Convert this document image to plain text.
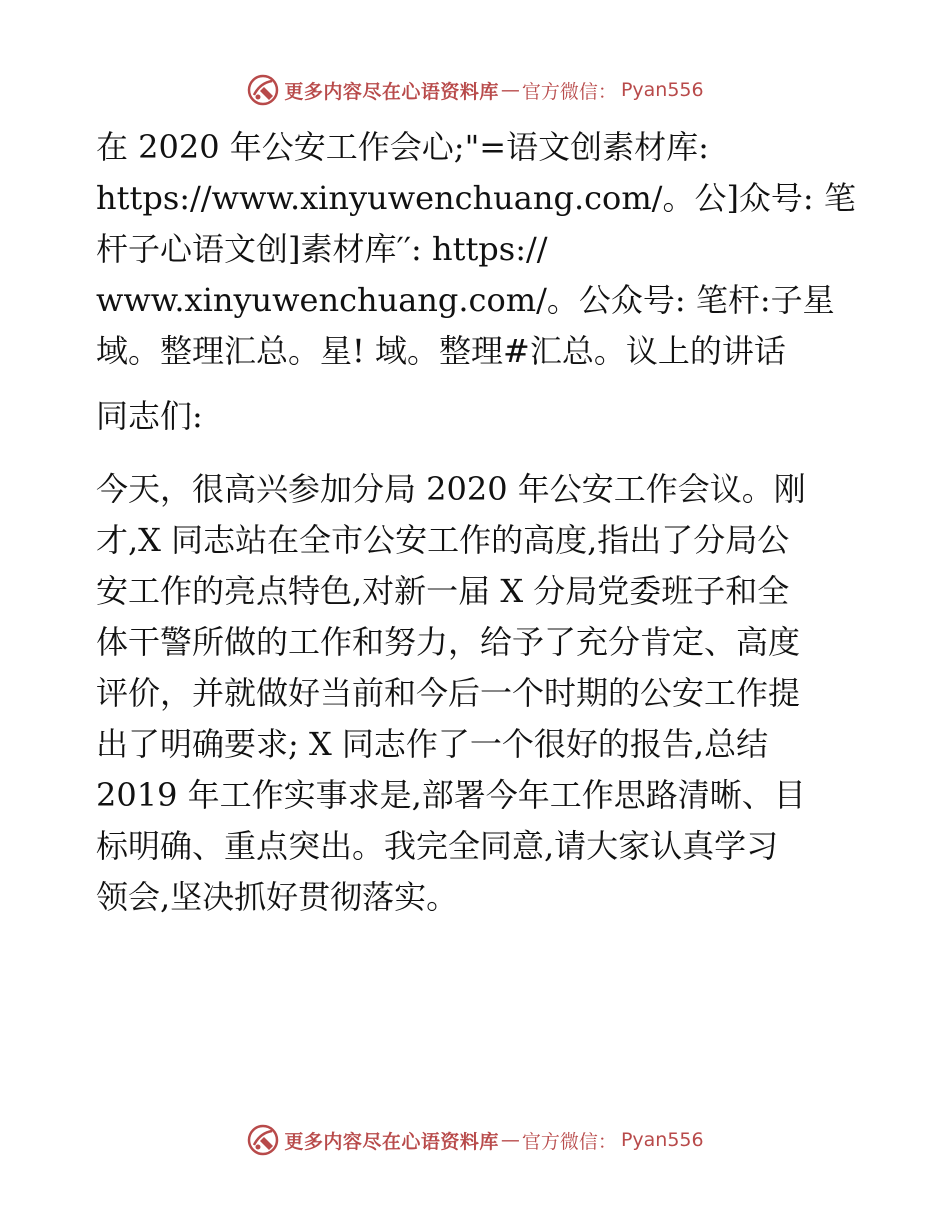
更多内容尽在心语资料库 — 官方微信： Pyan556

在 2020 年公安工作会心;"=语文创素材库:
https://www.xinyuwenchuang.com/。公]众号: 笔
杆子心语文创]素材库′′: https://
www.xinyuwenchuang.com/。公众号: 笔杆:子星
域。整理汇总。星! 域。整理#汇总。议上的讲话

同志们:

今天，很高兴参加分局 2020 年公安工作会议。刚
才,X 同志站在全市公安工作的高度,指出了分局公
安工作的亮点特色,对新一届 X 分局党委班子和全
体干警所做的工作和努力，给予了充分肯定、高度
评价，并就做好当前和今后一个时期的公安工作提
出了明确要求; X 同志作了一个很好的报告,总结
2019 年工作实事求是,部署今年工作思路清晰、目
标明确、重点突出。我完全同意,请大家认真学习
领会,坚决抓好贯彻落实。

更多内容尽在心语资料库 — 官方微信： Pyan556
